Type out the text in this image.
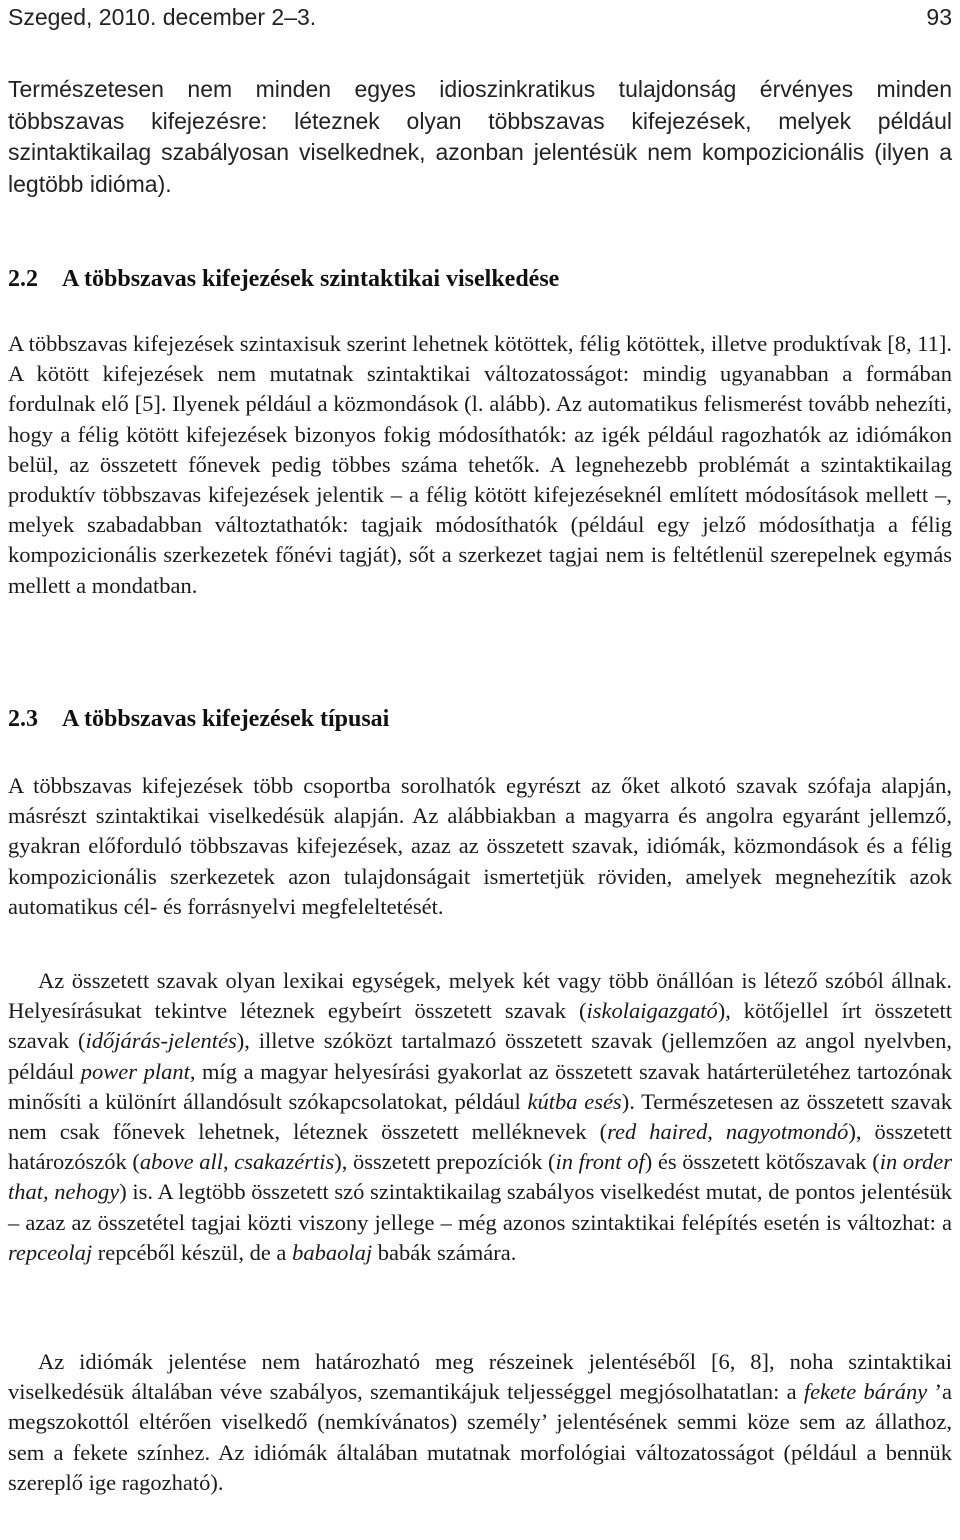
Szeged, 2010. december 2–3.	93

Természetesen nem minden egyes idioszinkratikus tulajdonság érvényes minden többszavas kifejezésre: léteznek olyan többszavas kifejezések, melyek például szintaktikailag szabályosan viselkednek, azonban jelentésük nem kompozicionális (ilyen a legtöbb idióma).

2.2 A többszavas kifejezések szintaktikai viselkedése

A többszavas kifejezések szintaxisuk szerint lehetnek kötöttek, félig kötöttek, illetve produktívak [8, 11]. A kötött kifejezések nem mutatnak szintaktikai változatosságot: mindig ugyanabban a formában fordulnak elő [5]. Ilyenek például a közmondások (l. alább). Az automatikus felismerést tovább nehezíti, hogy a félig kötött kifejezések bizonyos fokig módosíthatók: az igék például ragozhatók az idiómákon belül, az összetett főnevek pedig többes száma tehetők. A legnehezebb problémát a szintaktikailag produktív többszavas kifejezések jelentik – a félig kötött kifejezéseknél említett módosítások mellett –, melyek szabadabban változtathatók: tagjaik módosíthatók (például egy jelző módosíthatja a félig kompozicionális szerkezetek főnévi tagját), sőt a szerkezet tagjai nem is feltétlenül szerepelnek egymás mellett a mondatban.

2.3 A többszavas kifejezések típusai

A többszavas kifejezések több csoportba sorolhatók egyrészt az őket alkotó szavak szófaja alapján, másrészt szintaktikai viselkedésük alapján. Az alábbiakban a magyarra és angolra egyaránt jellemző, gyakran előforduló többszavas kifejezések, azaz az összetett szavak, idiómák, közmondások és a félig kompozicionális szerkezetek azon tulajdonságait ismertetjük röviden, amelyek megnehezítik azok automatikus cél- és forrásnyelvi megfeleltetését.

Az összetett szavak olyan lexikai egységek, melyek két vagy több önállóan is létező szóból állnak. Helyesírásukat tekintve léteznek egybeírt összetett szavak (iskolaigazgató), kötőjellel írt összetett szavak (időjárás-jelentés), illetve szóközt tartalmazó összetett szavak (jellemzően az angol nyelvben, például power plant, míg a magyar helyesírási gyakorlat az összetett szavak határterületéhez tartozónak minősíti a különírt állandósult szókapcsolatokat, például kútba esés). Természetesen az összetett szavak nem csak főnevek lehetnek, léteznek összetett melléknevek (red haired, nagyotmondó), összetett határozószók (above all, csakazértis), összetett prepozíciók (in front of) és összetett kötőszavak (in order that, nehogy) is. A legtöbb összetett szó szintaktikailag szabályos viselkedést mutat, de pontos jelentésük – azaz az összetétel tagjai közti viszony jellege – még azonos szintaktikai felépítés esetén is változhat: a repceolaj repcéből készül, de a babaolaj babák számára.

Az idiómák jelentése nem határozható meg részeinek jelentéséből [6, 8], noha szintaktikai viselkedésük általában véve szabályos, szemantikájuk teljességgel megjósolhatatlan: a fekete bárány ’a megszokottól eltérően viselkedő (nemkívánatos) személy’ jelentésének semmi köze sem az állathoz, sem a fekete színhez. Az idiómák általában mutatnak morfológiai változatosságot (például a bennük szereplő ige ragozható).
